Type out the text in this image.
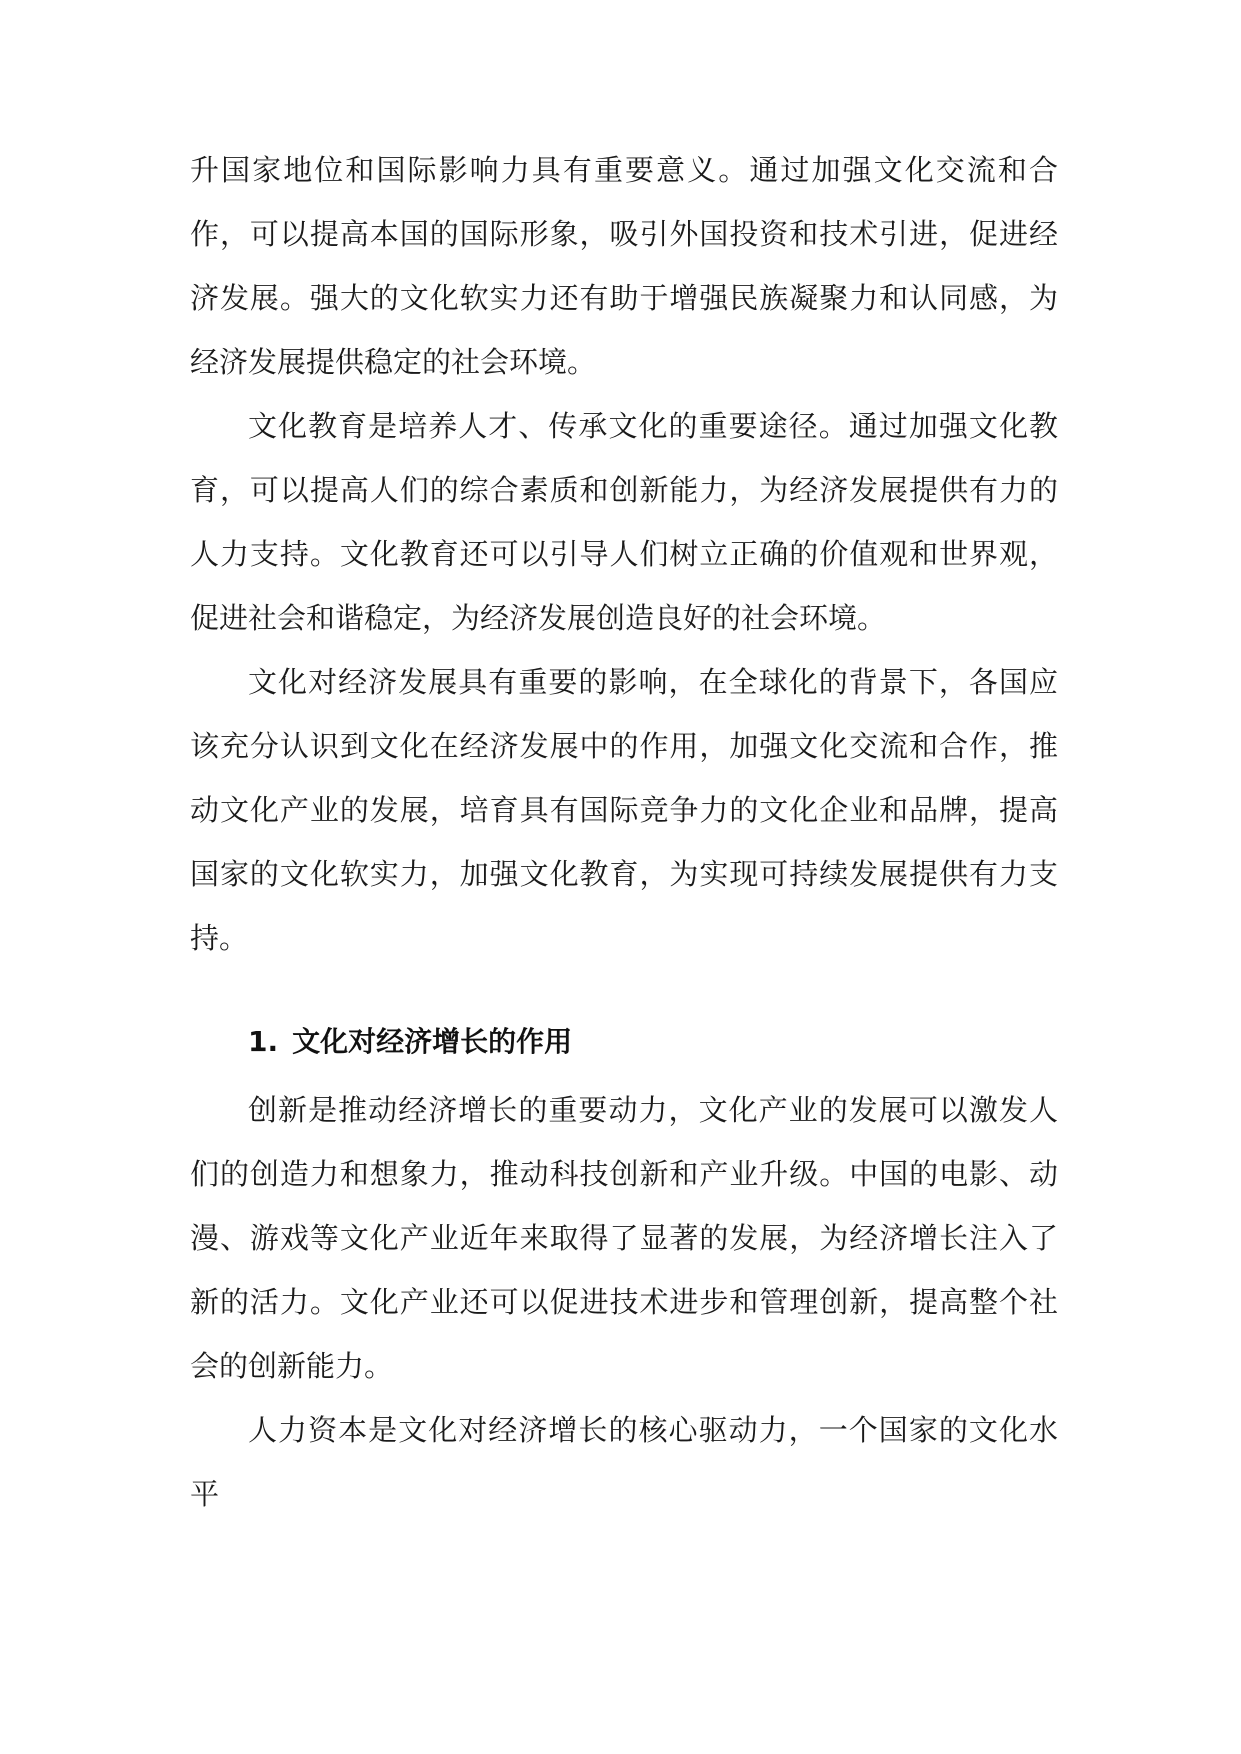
升国家地位和国际影响力具有重要意义。通过加强文化交流和合作，可以提高本国的国际形象，吸引外国投资和技术引进，促进经济发展。强大的文化软实力还有助于增强民族凝聚力和认同感，为经济发展提供稳定的社会环境。

文化教育是培养人才、传承文化的重要途径。通过加强文化教育，可以提高人们的综合素质和创新能力，为经济发展提供有力的人力支持。文化教育还可以引导人们树立正确的价值观和世界观，促进社会和谐稳定，为经济发展创造良好的社会环境。

文化对经济发展具有重要的影响，在全球化的背景下，各国应该充分认识到文化在经济发展中的作用，加强文化交流和合作，推动文化产业的发展，培育具有国际竞争力的文化企业和品牌，提高国家的文化软实力，加强文化教育，为实现可持续发展提供有力支持。

1. 文化对经济增长的作用

创新是推动经济增长的重要动力，文化产业的发展可以激发人们的创造力和想象力，推动科技创新和产业升级。中国的电影、动漫、游戏等文化产业近年来取得了显著的发展，为经济增长注入了新的活力。文化产业还可以促进技术进步和管理创新，提高整个社会的创新能力。

人力资本是文化对经济增长的核心驱动力，一个国家的文化水平
